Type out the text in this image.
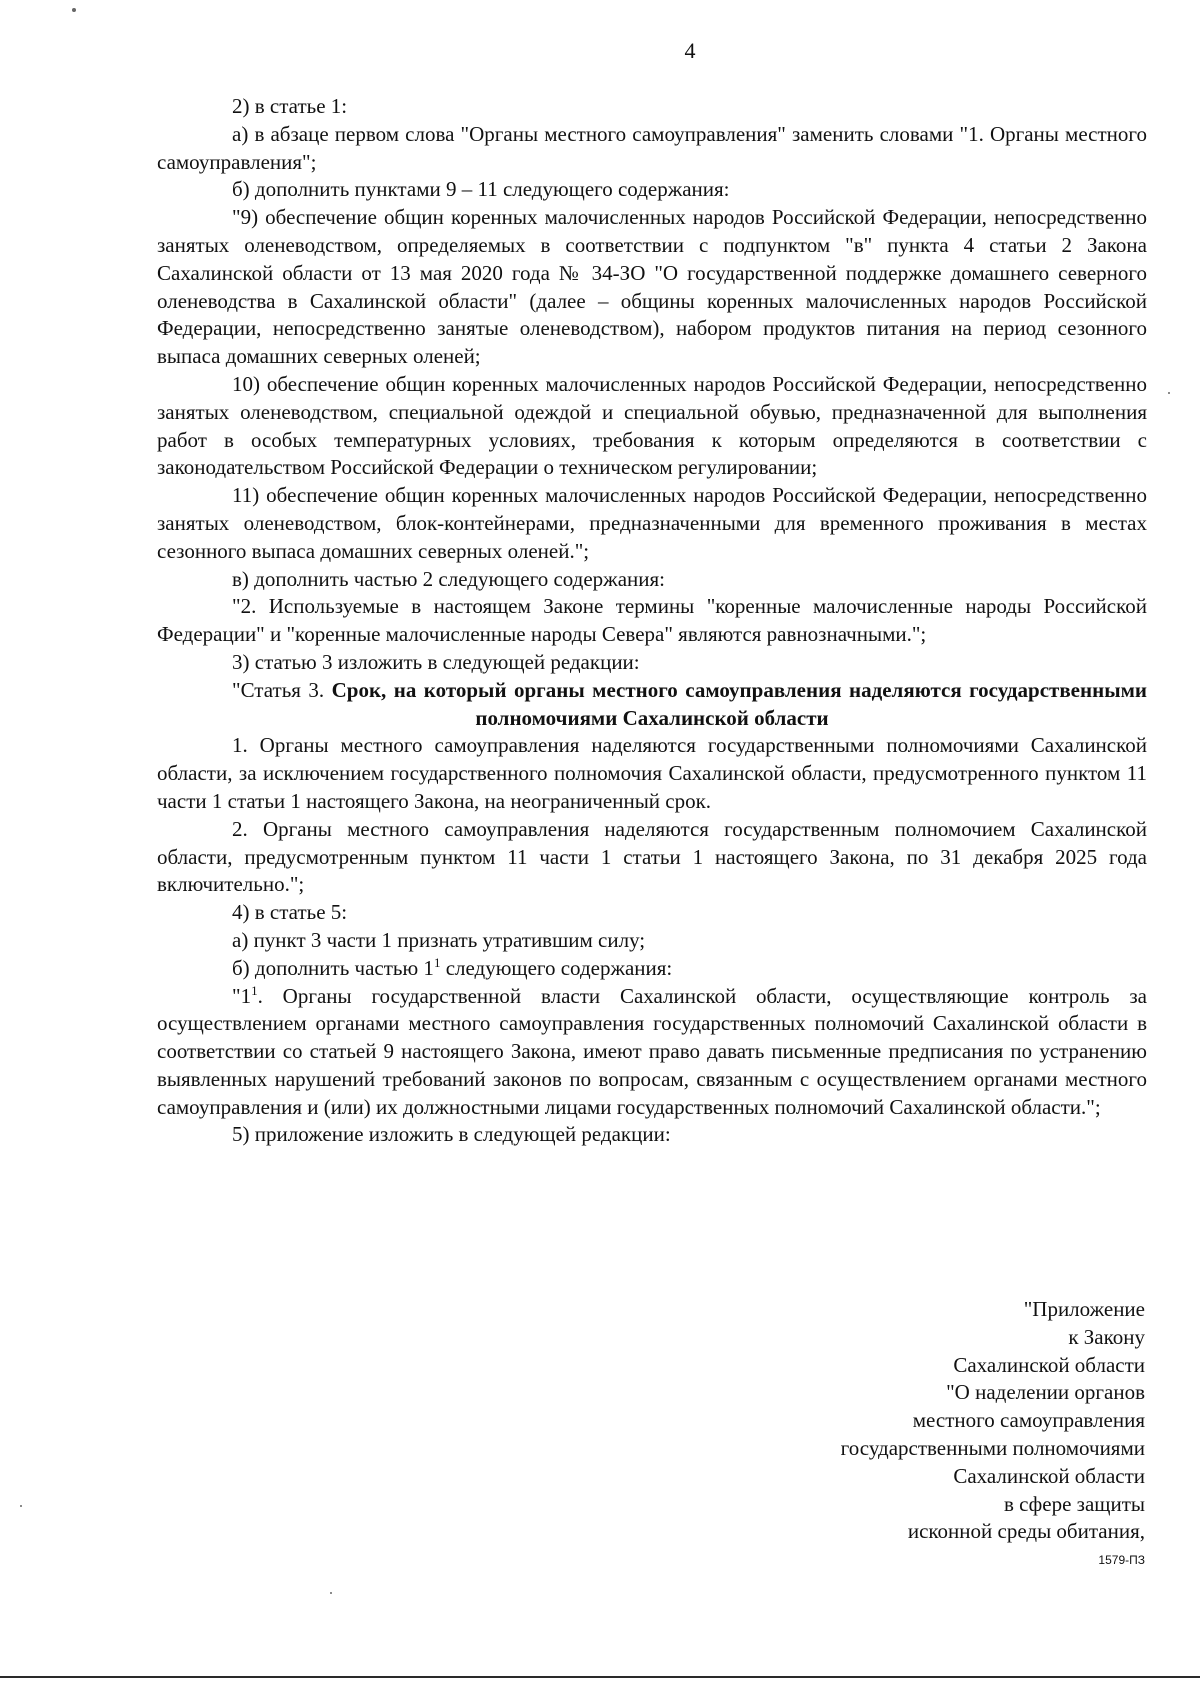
4

2) в статье 1:

а) в абзаце первом слова "Органы местного самоуправления" заменить словами "1. Органы местного самоуправления";

б) дополнить пунктами 9 – 11 следующего содержания:

"9) обеспечение общин коренных малочисленных народов Российской Федерации, непосредственно занятых оленеводством, определяемых в соответствии с подпунктом "в" пункта 4 статьи 2 Закона Сахалинской области от 13 мая 2020 года № 34-ЗО "О государственной поддержке домашнего северного оленеводства в Сахалинской области" (далее – общины коренных малочисленных народов Российской Федерации, непосредственно занятые оленеводством), набором продуктов питания на период сезонного выпаса домашних северных оленей;

10) обеспечение общин коренных малочисленных народов Российской Федерации, непосредственно занятых оленеводством, специальной одеждой и специальной обувью, предназначенной для выполнения работ в особых температурных условиях, требования к которым определяются в соответствии с законодательством Российской Федерации о техническом регулировании;

11) обеспечение общин коренных малочисленных народов Российской Федерации, непосредственно занятых оленеводством, блок-контейнерами, предназначенными для временного проживания в местах сезонного выпаса домашних северных оленей.";

в) дополнить частью 2 следующего содержания:

"2. Используемые в настоящем Законе термины "коренные малочисленные народы Российской Федерации" и "коренные малочисленные народы Севера" являются равнозначными.";

3) статью 3 изложить в следующей редакции:

"Статья 3. Срок, на который органы местного самоуправления наделяются государственными полномочиями Сахалинской области

1. Органы местного самоуправления наделяются государственными полномочиями Сахалинской области, за исключением государственного полномочия Сахалинской области, предусмотренного пунктом 11 части 1 статьи 1 настоящего Закона, на неограниченный срок.

2. Органы местного самоуправления наделяются государственным полномочием Сахалинской области, предусмотренным пунктом 11 части 1 статьи 1 настоящего Закона, по 31 декабря 2025 года включительно.";

4) в статье 5:

а) пункт 3 части 1 признать утратившим силу;

б) дополнить частью $1^1$ следующего содержания:

"$1^1$. Органы государственной власти Сахалинской области, осуществляющие контроль за осуществлением органами местного самоуправления государственных полномочий Сахалинской области в соответствии со статьей 9 настоящего Закона, имеют право давать письменные предписания по устранению выявленных нарушений требований законов по вопросам, связанным с осуществлением органами местного самоуправления и (или) их должностными лицами государственных полномочий Сахалинской области.";

5) приложение изложить в следующей редакции:

"Приложение
к Закону
Сахалинской области
"О наделении органов
местного самоуправления
государственными полномочиями
Сахалинской области
в сфере защиты
исконной среды обитания,
1579-ПЗ
